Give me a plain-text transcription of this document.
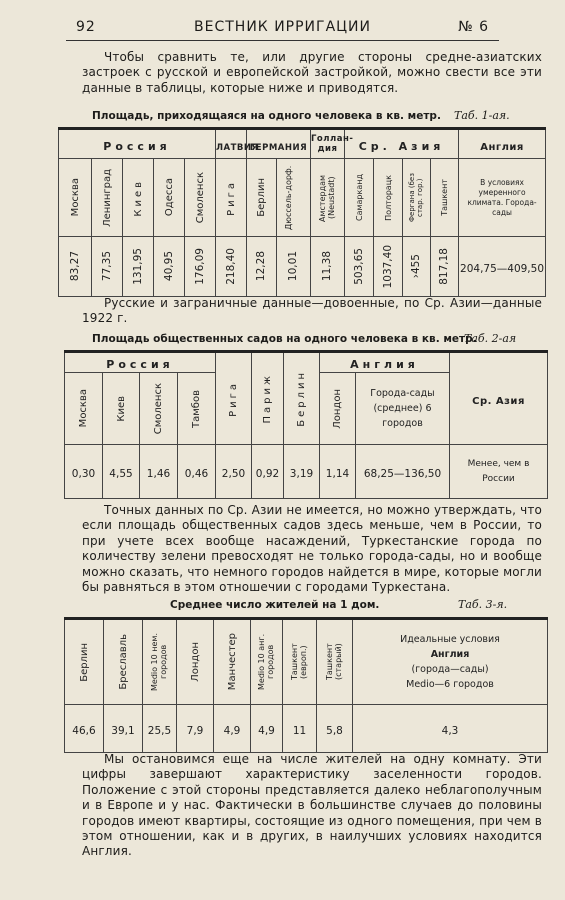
92	ВЕСТНИК ИРРИГАЦИИ	№ 6
Чтобы сравнить те, или другие стороны средне-азиатских застроек с русской и европейской застройкой, можно свести все эти данные в таблицы, которые ниже и приводятся.
Площадь, приходящаяся на одного человека в кв. метр. Таб. 1-ая.
Россия					ЛАТВИЯ	ГЕРМАНИЯ		Голлан-дия	Ср. Азия				Англия

Москва	Ленинград	Киев	Одесса	Смоленск	Рига	Берлин	Дюссель-дорф.	Амстердам (Neustadt)	Самарканд	Полторацк	Фергана (без стар. гор.)	Ташкент	В условиях умеренного климата. Города-сады

83,27	77,35	131,95	40,95	176,09	218,40	12,28	10,01	11,38	503,65	1037,40	›455	817,18	204,75—409,50
Русские и заграничные данные—довоенные, по Ср. Азии—данные 1922 г.
Площадь общественных садов на одного человека в кв. метр.
Таб. 2-ая
Россия				Рига	Париж	Берлин	Англия		Ср. Азия

Москва	Киев	Смоленск	Тамбов				Лондон	Города-сады (среднее) 6 городов	

0,30	4,55	1,46	0,46	2,50	0,92	3,19	1,14	68,25—136,50	Менее, чем в России
Точных данных по Ср. Азии не имеется, но можно утверждать, что если площадь общественных садов здесь меньше, чем в России, то при учете всех вообще насаждений, Туркестанские города по количеству зелени превосходят не только города-сады, но и вообще можно сказать, что немного городов найдется в мире, которые могли бы равняться в этом отношечии с городами Туркестана.
Среднее число жителей на 1 дом.	Таб. 3-я.
Берлин	Бреславль	Medio 10 нем. городов	Лондон	Манчестер	Medio 10 анг. городов	Ташкент (европ.)	Ташкент (старый)	Идеальные условия
Англия
(города—сады)
Medio—6 городов

46,6	39,1	25,5	7,9	4,9	4,9	11	5,8	4,3
Мы остановимся еще на числе жителей на одну комнату. Эти цифры завершают характеристику заселенности городов. Положение с этой стороны представляется далеко неблагополучным и в Европе и у нас. Фактически в большинстве случаев до половины городов имеют квартиры, состоящие из одного помещения, при чем в этом отношении, как и в других, в наилучших условиях находится Англия.
